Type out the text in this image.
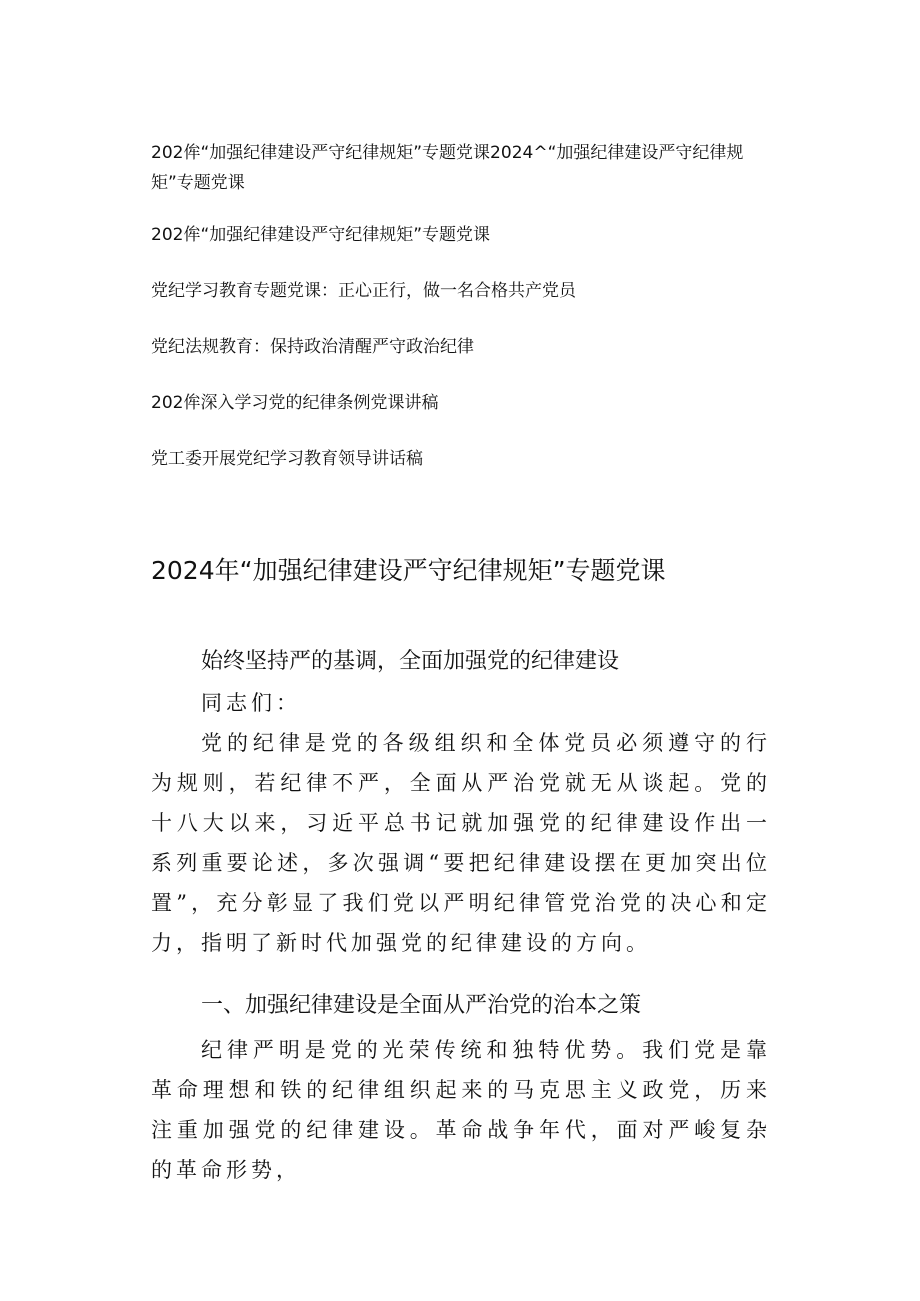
202侔“加强纪律建设严守纪律规矩”专题党课2024^“加强纪律建设严守纪律规矩”专题党课
202侔“加强纪律建设严守纪律规矩”专题党课
党纪学习教育专题党课：正心正行，做一名合格共产党员
党纪法规教育：保持政治清醒严守政治纪律
202侔深入学习党的纪律条例党课讲稿
党工委开展党纪学习教育领导讲话稿
2024年“加强纪律建设严守纪律规矩”专题党课
始终坚持严的基调，全面加强党的纪律建设

同志们：

党的纪律是党的各级组织和全体党员必须遵守的行为规则，若纪律不严，全面从严治党就无从谈起。党的十八大以来，习近平总书记就加强党的纪律建设作出一系列重要论述，多次强调“要把纪律建设摆在更加突出位置”，充分彰显了我们党以严明纪律管党治党的决心和定力，指明了新时代加强党的纪律建设的方向。

一、加强纪律建设是全面从严治党的治本之策

纪律严明是党的光荣传统和独特优势。我们党是靠革命理想和铁的纪律组织起来的马克思主义政党，历来注重加强党的纪律建设。革命战争年代，面对严峻复杂的革命形势，
